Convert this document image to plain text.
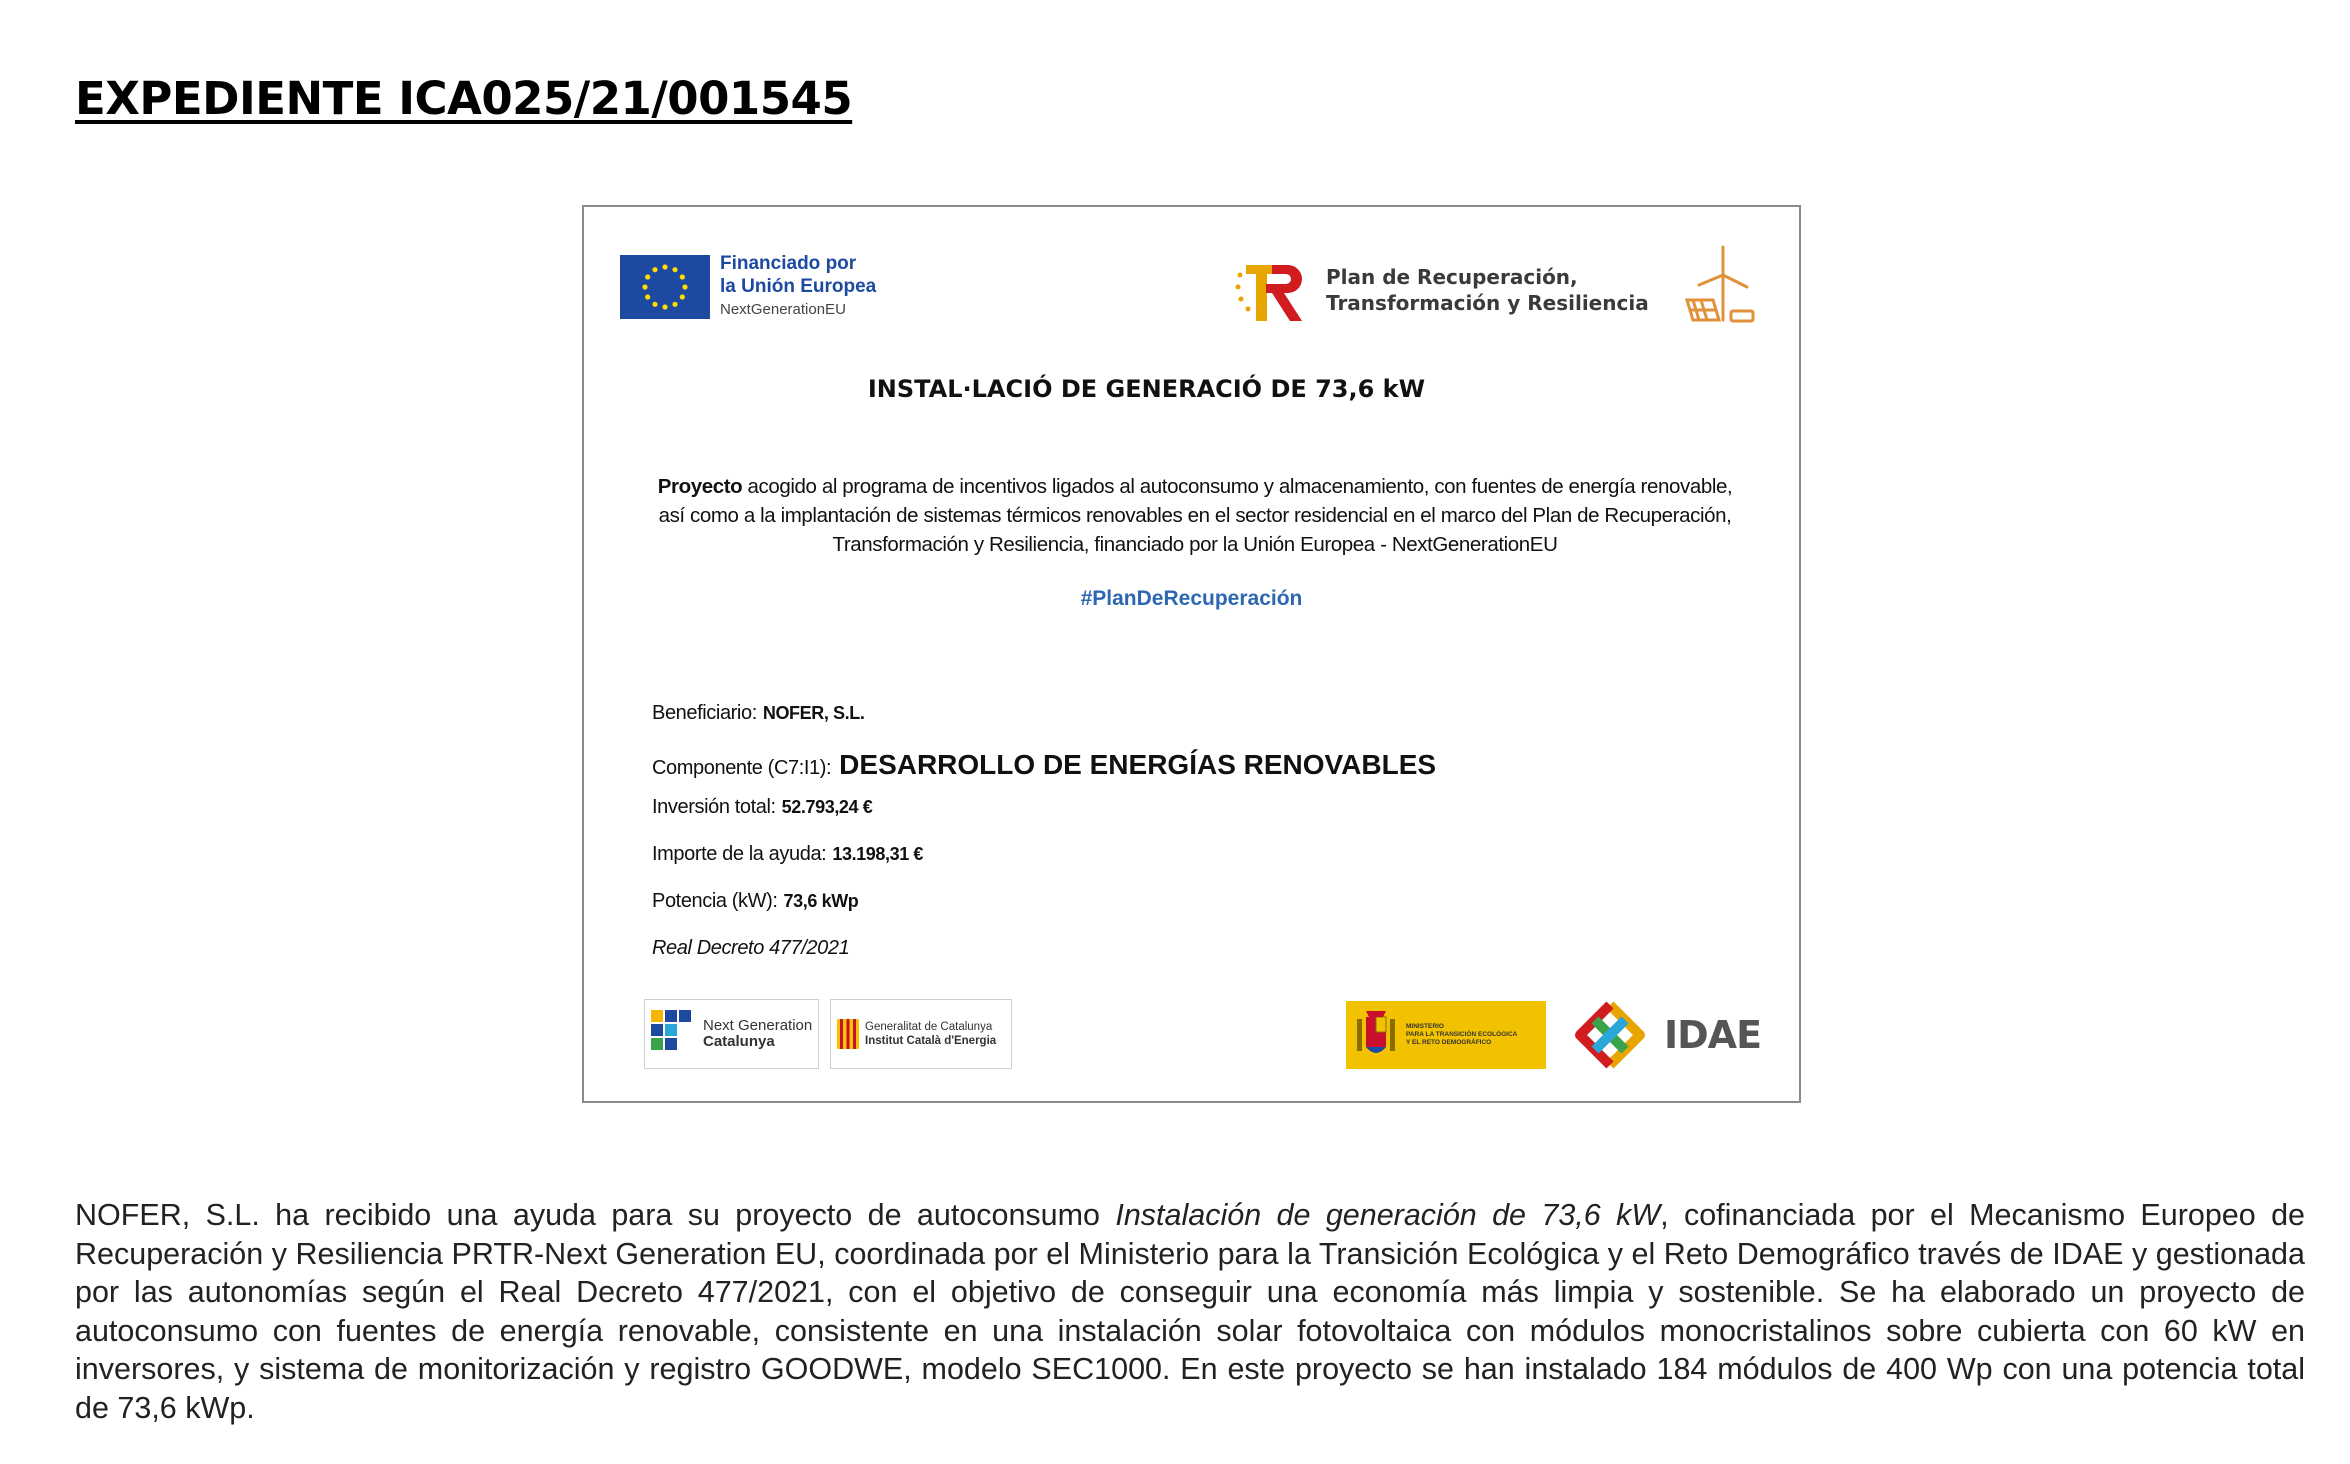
EXPEDIENTE ICA025/21/001545
Financiado por
la Unión Europea
NextGenerationEU
Plan de Recuperación,
Transformación y Resiliencia
INSTAL·LACIÓ DE GENERACIÓ DE 73,6 kW
Proyecto acogido al programa de incentivos ligados al autoconsumo y almacenamiento, con fuentes de energía renovable, así como a la implantación de sistemas térmicos renovables en el sector residencial en el marco del Plan de Recuperación, Transformación y Resiliencia, financiado por la Unión Europea - NextGenerationEU
#PlanDeRecuperación
Beneficiario: NOFER, S.L.
Componente (C7:I1): DESARROLLO DE ENERGÍAS RENOVABLES
Inversión total: 52.793,24 €
Importe de la ayuda: 13.198,31 €
Potencia (kW): 73,6 kWp
Real Decreto 477/2021
Next Generation
Catalunya
Generalitat de Catalunya
Institut Català d'Energia
MINISTERIO
PARA LA TRANSICIÓN ECOLÓGICA
Y EL RETO DEMOGRÁFICO	IDAE
NOFER, S.L. ha recibido una ayuda para su proyecto de autoconsumo Instalación de generación de 73,6 kW, cofinanciada por el Mecanismo Europeo de Recuperación y Resiliencia PRTR-Next Generation EU, coordinada por el Ministerio para la Transición Ecológica y el Reto Demográfico través de IDAE y gestionada por las autonomías según el Real Decreto 477/2021, con el objetivo de conseguir una economía más limpia y sostenible. Se ha elaborado un proyecto de autoconsumo con fuentes de energía renovable, consistente en una instalación solar fotovoltaica con módulos monocristalinos sobre cubierta con 60 kW en inversores, y sistema de monitorización y registro GOODWE, modelo SEC1000. En este proyecto se han instalado 184 módulos de 400 Wp con una potencia total de 73,6 kWp.
